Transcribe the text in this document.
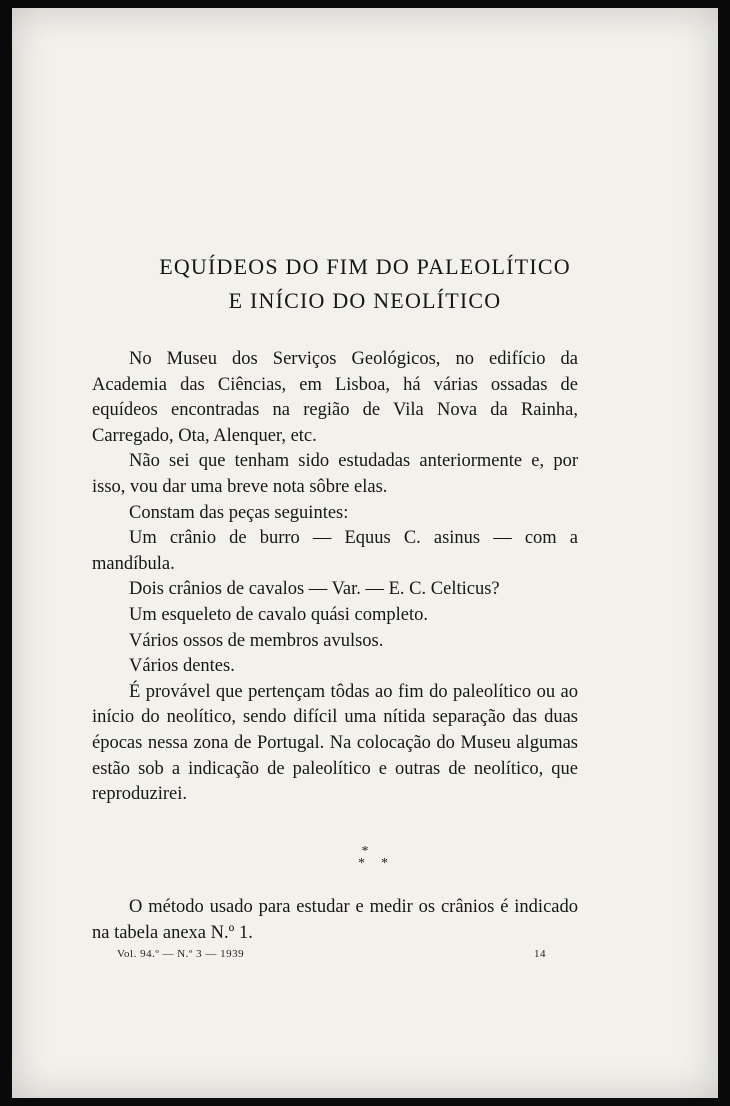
EQUÍDEOS DO FIM DO PALEOLÍTICO
E INÍCIO DO NEOLÍTICO

No Museu dos Serviços Geológicos, no edifício da Academia das Ciências, em Lisboa, há várias ossadas de equídeos encontradas na região de Vila Nova da Rainha, Carregado, Ota, Alenquer, etc.

Não sei que tenham sido estudadas anteriormente e, por isso, vou dar uma breve nota sôbre elas.

Constam das peças seguintes:

Um crânio de burro — Equus C. asinus — com a mandíbula.

Dois crânios de cavalos — Var. — E. C. Celticus?

Um esqueleto de cavalo quási completo.

Vários ossos de membros avulsos.

Vários dentes.

É provável que pertençam tôdas ao fim do paleolítico ou ao início do neolítico, sendo difícil uma nítida separação das duas épocas nessa zona de Portugal. Na colocação do Museu algumas estão sob a indicação de paleolítico e outras de neolítico, que reproduzirei.

*
**

O método usado para estudar e medir os crânios é indicado na tabela anexa N.º 1.

Vol. 94.º — N.º 3 — 1939	14
